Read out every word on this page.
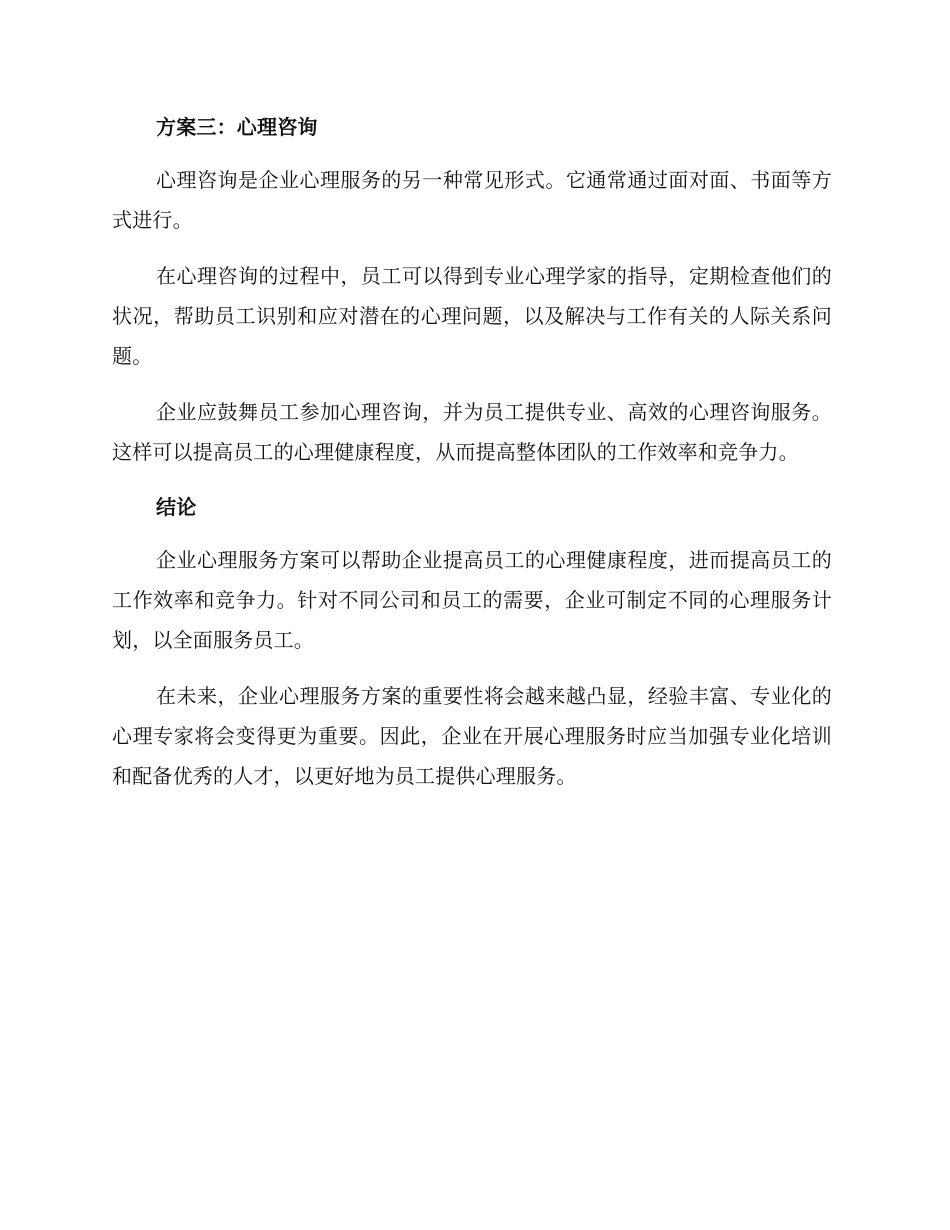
方案三：心理咨询

心理咨询是企业心理服务的另一种常见形式。它通常通过面对面、书面等方式进行。

在心理咨询的过程中，员工可以得到专业心理学家的指导，定期检查他们的状况，帮助员工识别和应对潜在的心理问题，以及解决与工作有关的人际关系问题。

企业应鼓舞员工参加心理咨询，并为员工提供专业、高效的心理咨询服务。这样可以提高员工的心理健康程度，从而提高整体团队的工作效率和竞争力。

结论

企业心理服务方案可以帮助企业提高员工的心理健康程度，进而提高员工的工作效率和竞争力。针对不同公司和员工的需要，企业可制定不同的心理服务计划，以全面服务员工。

在未来，企业心理服务方案的重要性将会越来越凸显，经验丰富、专业化的心理专家将会变得更为重要。因此，企业在开展心理服务时应当加强专业化培训和配备优秀的人才，以更好地为员工提供心理服务。
